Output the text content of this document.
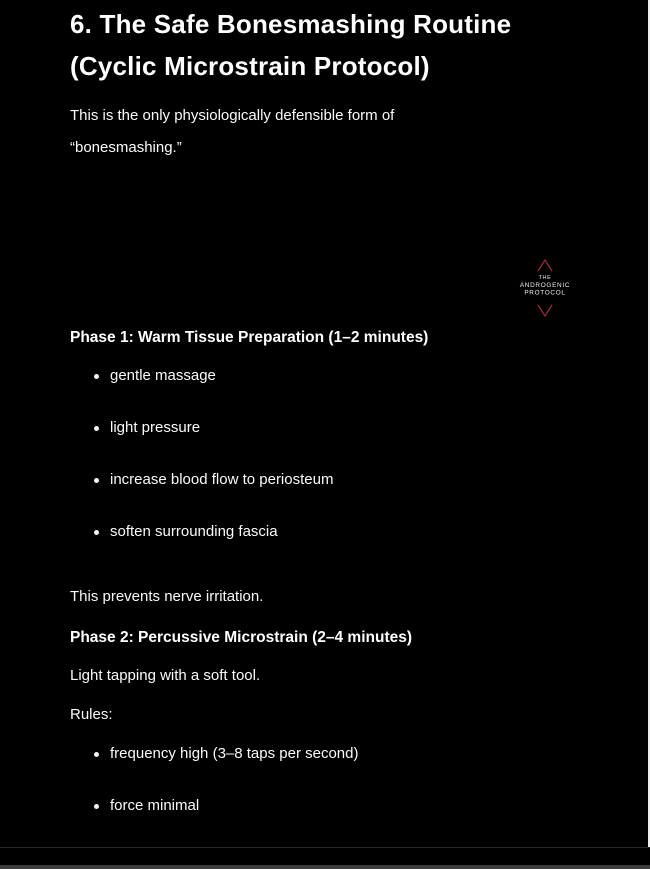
6. The Safe Bonesmashing Routine
(Cyclic Microstrain Protocol)

This is the only physiologically defensible form of
“bonesmashing.”

Phase 1: Warm Tissue Preparation (1–2 minutes)
gentle massage
light pressure
increase blood flow to periosteum
soften surrounding fascia

This prevents nerve irritation.

Phase 2: Percussive Microstrain (2–4 minutes)

Light tapping with a soft tool.

Rules:

frequency high (3–8 taps per second)
force minimal
THE
ANDROGENIC
PROTOCOL
